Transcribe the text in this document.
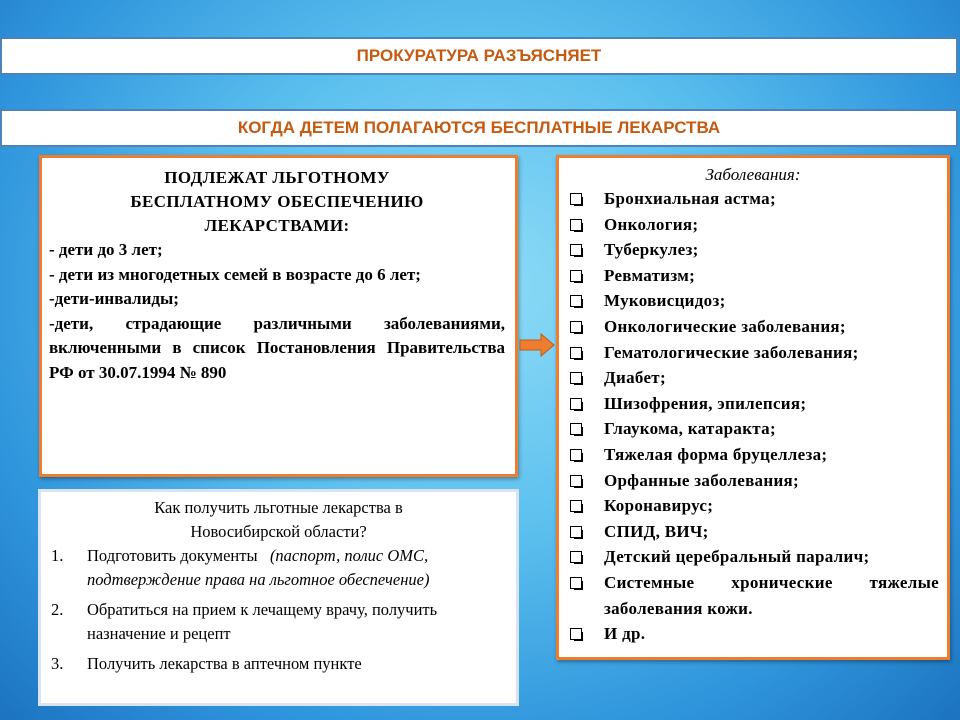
ПРОКУРАТУРА РАЗЪЯСНЯЕТ
КОГДА ДЕТЕМ ПОЛАГАЮТСЯ БЕСПЛАТНЫЕ ЛЕКАРСТВА
ПОДЛЕЖАТ ЛЬГОТНОМУ
БЕСПЛАТНОМУ ОБЕСПЕЧЕНИЮ
ЛЕКАРСТВАМИ:
- дети до 3 лет;
- дети из многодетных семей в возрасте до 6 лет;
-дети-инвалиды;
-дети, страдающие различными заболеваниями, включенными в список Постановления Правительства РФ от 30.07.1994 № 890
Как получить льготные лекарства в
Новосибирской области?
1. Подготовить документы (паспорт, полис ОМС, подтверждение права на льготное обеспечение)
2. Обратиться на прием к лечащему врачу, получить назначение и рецепт
3. Получить лекарства в аптечном пункте
Заболевания:
Бронхиальная астма;
Онкология;
Туберкулез;
Ревматизм;
Муковисцидоз;
Онкологические заболевания;
Гематологические заболевания;
Диабет;
Шизофрения, эпилепсия;
Глаукома, катаракта;
Тяжелая форма бруцеллеза;
Орфанные заболевания;
Коронавирус;
СПИД, ВИЧ;
Детский церебральный паралич;
Системные хронические тяжелые заболевания кожи.
И др.
